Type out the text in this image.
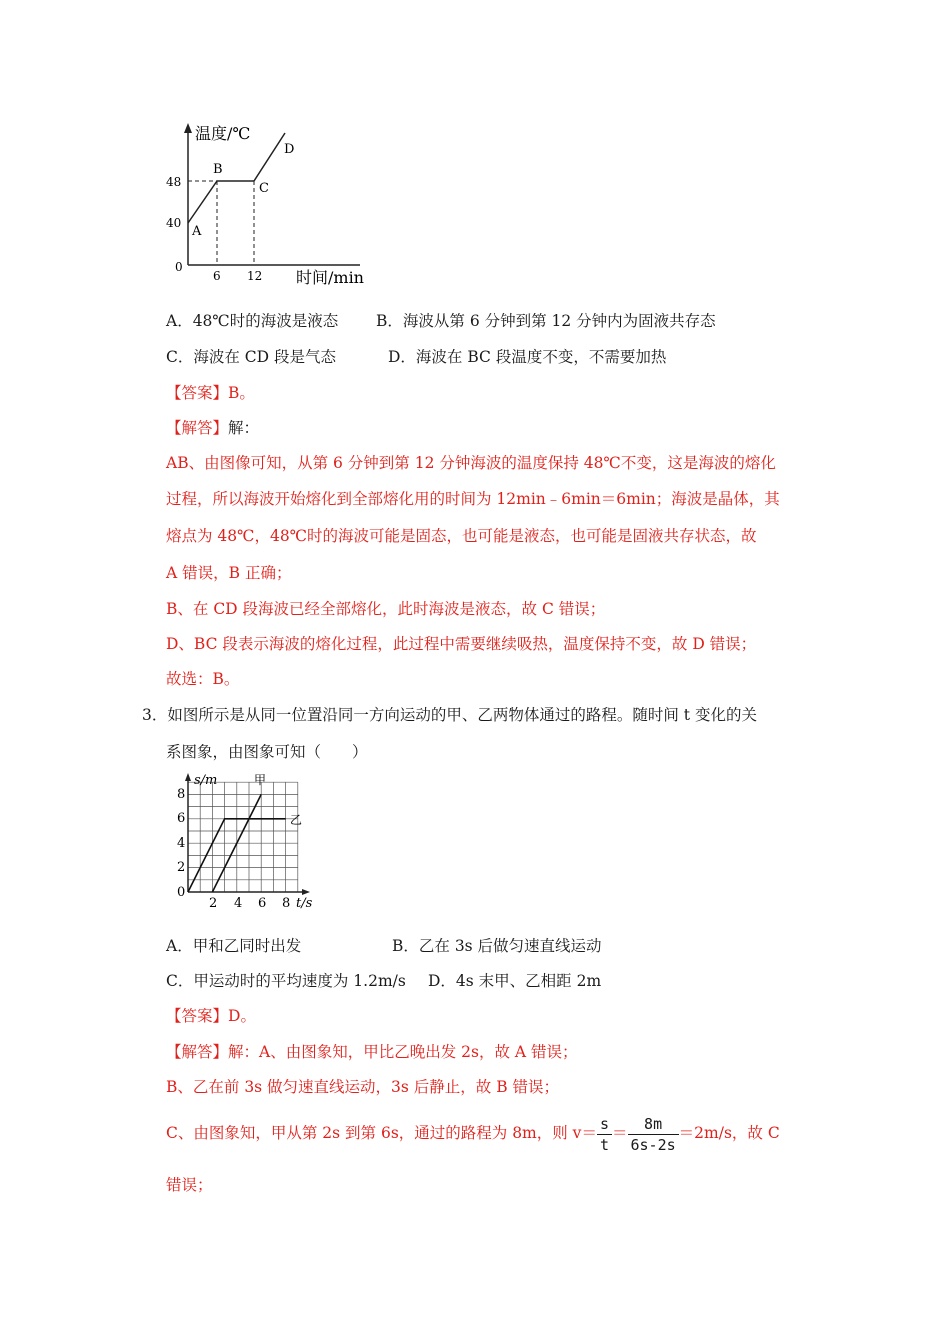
温度/℃
时间/min
0
40
48
6 12
A
B
C
D
A．48℃时的海波是液态 B．海波从第 6 分钟到第 12 分钟内为固液共存态
C．海波在 CD 段是气态	D．海波在 BC 段温度不变，不需要加热
【答案】B。
【解答】解：
AB、由图像可知，从第 6 分钟到第 12 分钟海波的温度保持 48℃不变，这是海波的熔化
过程，所以海波开始熔化到全部熔化用的时间为 12min﹣6min＝6min；海波是晶体，其
熔点为 48℃，48℃时的海波可能是固态，也可能是液态，也可能是固液共存状态，故
A 错误，B 正确；
B、在 CD 段海波已经全部熔化，此时海波是液态，故 C 错误；
D、BC 段表示海波的熔化过程，此过程中需要继续吸热，温度保持不变，故 D 错误；
故选：B。
3．如图所示是从同一位置沿同一方向运动的甲、乙两物体通过的路程。随时间 t 变化的关
系图象，由图象可知（　　）
s/m
t/s
8
6
4
2
0
2 4 6 8
甲
乙
A．甲和乙同时出发	B．乙在 3s 后做匀速直线运动
C．甲运动时的平均速度为 1.2m/s D．4s 末甲、乙相距 2m
【答案】D。
【解答】解：A、由图象知，甲比乙晚出发 2s，故 A 错误；
B、乙在前 3s 做匀速直线运动，3s 后静止，故 B 错误；
C、由图象知，甲从第 2s 到第 6s，通过的路程为 8m，则 $v= \frac{s}{t} = \frac{8m}{6s-2s} =2m/s$，故 C
错误；
